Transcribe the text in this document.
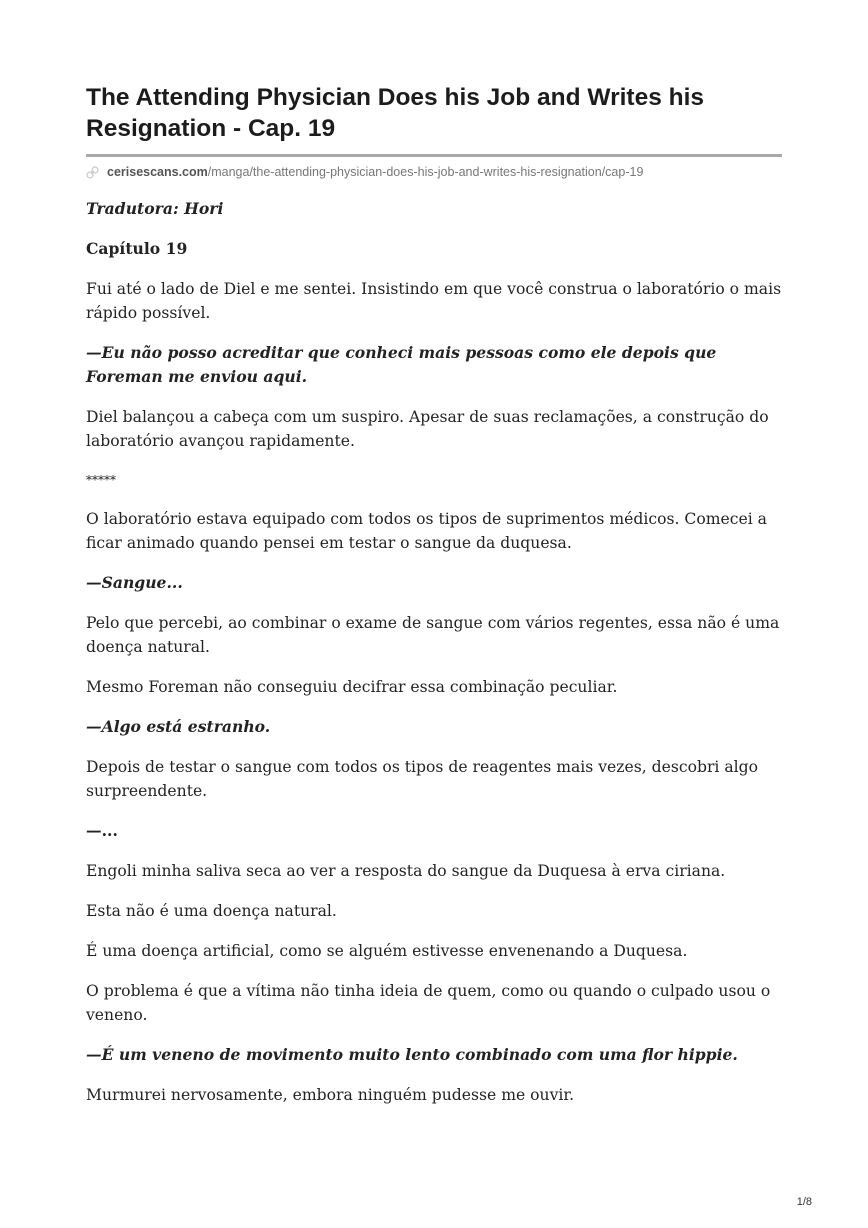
The Attending Physician Does his Job and Writes his Resignation - Cap. 19
cerisescans.com /manga/the-attending-physician-does-his-job-and-writes-his-resignation/cap-19

Tradutora: Hori

Capítulo 19

Fui até o lado de Diel e me sentei. Insistindo em que você construa o laboratório o mais rápido possível.

—Eu não posso acreditar que conheci mais pessoas como ele depois que Foreman me enviou aqui.

Diel balançou a cabeça com um suspiro. Apesar de suas reclamações, a construção do laboratório avançou rapidamente.

*****

O laboratório estava equipado com todos os tipos de suprimentos médicos. Comecei a ficar animado quando pensei em testar o sangue da duquesa.

—Sangue...

Pelo que percebi, ao combinar o exame de sangue com vários regentes, essa não é uma doença natural.

Mesmo Foreman não conseguiu decifrar essa combinação peculiar.

—Algo está estranho.

Depois de testar o sangue com todos os tipos de reagentes mais vezes, descobri algo surpreendente.

—...

Engoli minha saliva seca ao ver a resposta do sangue da Duquesa à erva ciriana.

Esta não é uma doença natural.

É uma doença artificial, como se alguém estivesse envenenando a Duquesa.

O problema é que a vítima não tinha ideia de quem, como ou quando o culpado usou o veneno.

—É um veneno de movimento muito lento combinado com uma flor hippie.

Murmurei nervosamente, embora ninguém pudesse me ouvir.

1/8
